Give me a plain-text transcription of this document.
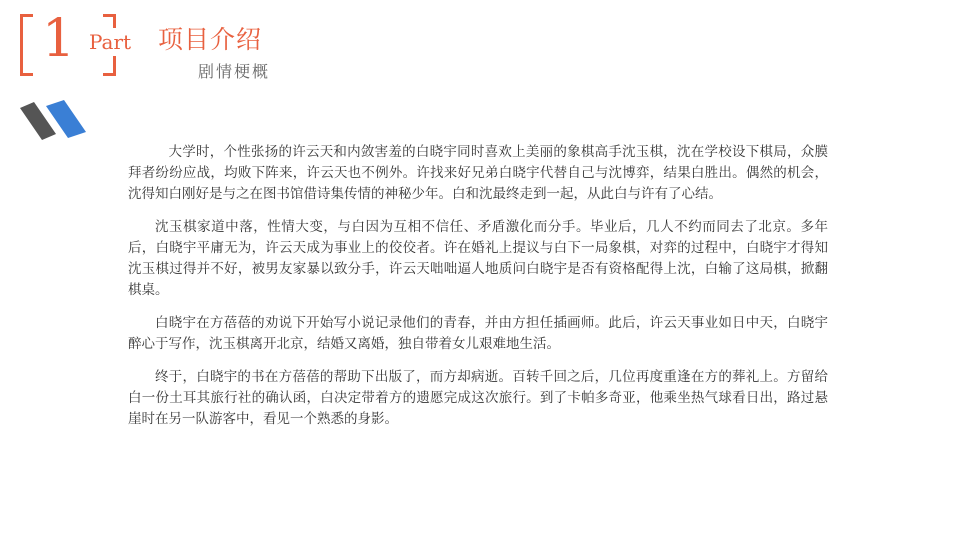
1 Part 项目介绍
剧情梗概

大学时，个性张扬的许云天和内敛害羞的白晓宇同时喜欢上美丽的象棋高手沈玉棋，沈在学校设下棋局，众膜拜者纷纷应战，均败下阵来，许云天也不例外。许找来好兄弟白晓宇代替自己与沈博弈，结果白胜出。偶然的机会，沈得知白刚好是与之在图书馆借诗集传情的神秘少年。白和沈最终走到一起，从此白与许有了心结。

沈玉棋家道中落，性情大变，与白因为互相不信任、矛盾激化而分手。毕业后，几人不约而同去了北京。多年后，白晓宇平庸无为，许云天成为事业上的佼佼者。许在婚礼上提议与白下一局象棋，对弈的过程中，白晓宇才得知沈玉棋过得并不好，被男友家暴以致分手，许云天咄咄逼人地质问白晓宇是否有资格配得上沈，白输了这局棋，掀翻棋桌。

白晓宇在方蓓蓓的劝说下开始写小说记录他们的青春，并由方担任插画师。此后，许云天事业如日中天，白晓宇醉心于写作，沈玉棋离开北京，结婚又离婚，独自带着女儿艰难地生活。

终于，白晓宇的书在方蓓蓓的帮助下出版了，而方却病逝。百转千回之后，几位再度重逢在方的葬礼上。方留给白一份土耳其旅行社的确认函，白决定带着方的遗愿完成这次旅行。到了卡帕多奇亚，他乘坐热气球看日出，路过悬崖时在另一队游客中，看见一个熟悉的身影。
